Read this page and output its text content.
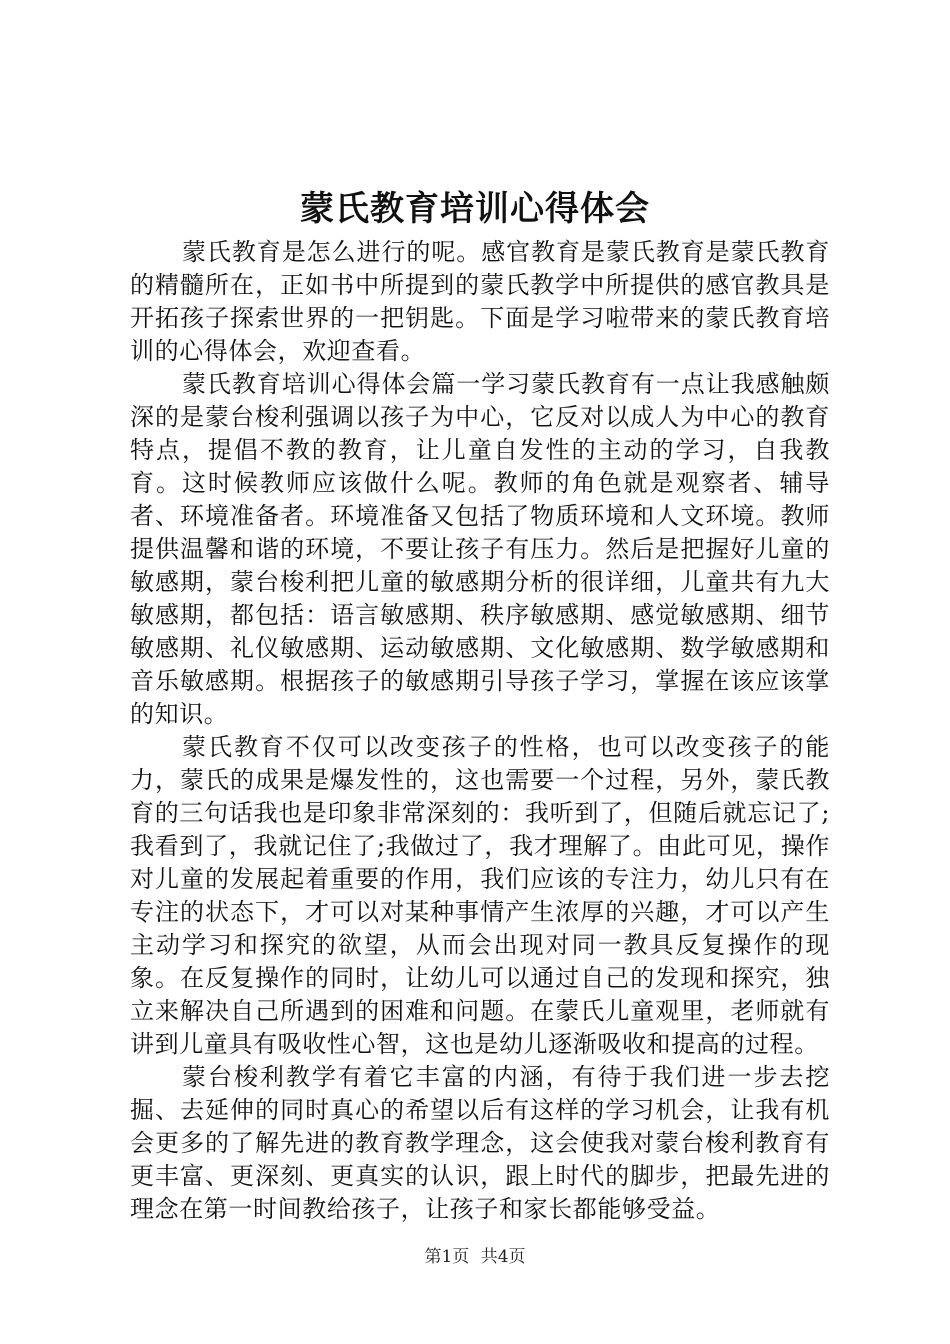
蒙氏教育培训心得体会

蒙氏教育是怎么进行的呢。感官教育是蒙氏教育是蒙氏教育的精髓所在，正如书中所提到的蒙氏教学中所提供的感官教具是开拓孩子探索世界的一把钥匙。下面是学习啦带来的蒙氏教育培训的心得体会，欢迎查看。

蒙氏教育培训心得体会篇一学习蒙氏教育有一点让我感触颇深的是蒙台梭利强调以孩子为中心，它反对以成人为中心的教育特点，提倡不教的教育，让儿童自发性的主动的学习，自我教育。这时候教师应该做什么呢。教师的角色就是观察者、辅导者、环境准备者。环境准备又包括了物质环境和人文环境。教师提供温馨和谐的环境，不要让孩子有压力。然后是把握好儿童的敏感期，蒙台梭利把儿童的敏感期分析的很详细，儿童共有九大敏感期，都包括：语言敏感期、秩序敏感期、感觉敏感期、细节敏感期、礼仪敏感期、运动敏感期、文化敏感期、数学敏感期和音乐敏感期。根据孩子的敏感期引导孩子学习，掌握在该应该掌的知识。

蒙氏教育不仅可以改变孩子的性格，也可以改变孩子的能力，蒙氏的成果是爆发性的，这也需要一个过程，另外，蒙氏教育的三句话我也是印象非常深刻的：我听到了，但随后就忘记了;我看到了，我就记住了;我做过了，我才理解了。由此可见，操作对儿童的发展起着重要的作用，我们应该的专注力，幼儿只有在专注的状态下，才可以对某种事情产生浓厚的兴趣，才可以产生主动学习和探究的欲望，从而会出现对同一教具反复操作的现象。在反复操作的同时，让幼儿可以通过自己的发现和探究，独立来解决自己所遇到的困难和问题。在蒙氏儿童观里，老师就有讲到儿童具有吸收性心智，这也是幼儿逐渐吸收和提高的过程。

蒙台梭利教学有着它丰富的内涵，有待于我们进一步去挖掘、去延伸的同时真心的希望以后有这样的学习机会，让我有机会更多的了解先进的教育教学理念，这会使我对蒙台梭利教育有更丰富、更深刻、更真实的认识，跟上时代的脚步，把最先进的理念在第一时间教给孩子，让孩子和家长都能够受益。

第1页 共4页
